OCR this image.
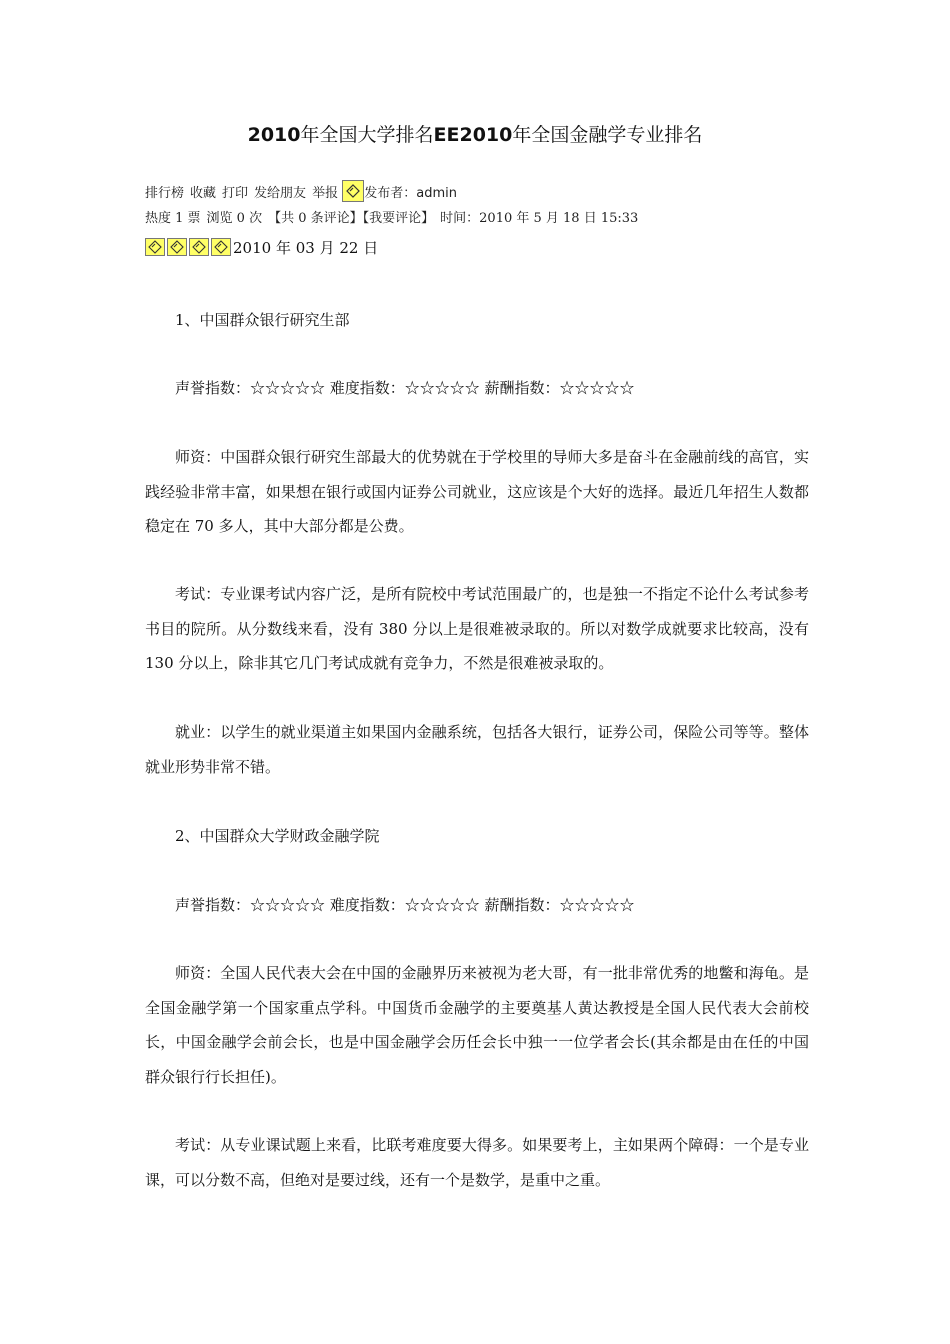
2010年全国大学排名EE2010年全国金融学专业排名
排行榜 收藏 打印 发给朋友 举报 发布者：admin
热度 1 票 浏览 0 次 【共 0 条评论】【我要评论】 时间：2010 年 5 月 18 日 15:33
2010 年 03 月 22 日

1、中国群众银行研究生部

声誉指数：☆☆☆☆☆ 难度指数：☆☆☆☆☆ 薪酬指数：☆☆☆☆☆

师资：中国群众银行研究生部最大的优势就在于学校里的导师大多是奋斗在金融前线的高官，实践经验非常丰富，如果想在银行或国内证券公司就业，这应该是个大好的选择。最近几年招生人数都稳定在 70 多人，其中大部分都是公费。

考试：专业课考试内容广泛，是所有院校中考试范围最广的，也是独一不指定不论什么考试参考书目的院所。从分数线来看，没有 380 分以上是很难被录取的。所以对数学成就要求比较高，没有 130 分以上，除非其它几门考试成就有竞争力，不然是很难被录取的。

就业：以学生的就业渠道主如果国内金融系统，包括各大银行，证券公司，保险公司等等。整体就业形势非常不错。

2、中国群众大学财政金融学院

声誉指数：☆☆☆☆☆ 难度指数：☆☆☆☆☆ 薪酬指数：☆☆☆☆☆

师资：全国人民代表大会在中国的金融界历来被视为老大哥，有一批非常优秀的地鳖和海龟。是全国金融学第一个国家重点学科。中国货币金融学的主要奠基人黄达教授是全国人民代表大会前校长，中国金融学会前会长，也是中国金融学会历任会长中独一一位学者会长(其余都是由在任的中国群众银行行长担任)。

考试：从专业课试题上来看，比联考难度要大得多。如果要考上，主如果两个障碍：一个是专业课，可以分数不高，但绝对是要过线，还有一个是数学，是重中之重。
